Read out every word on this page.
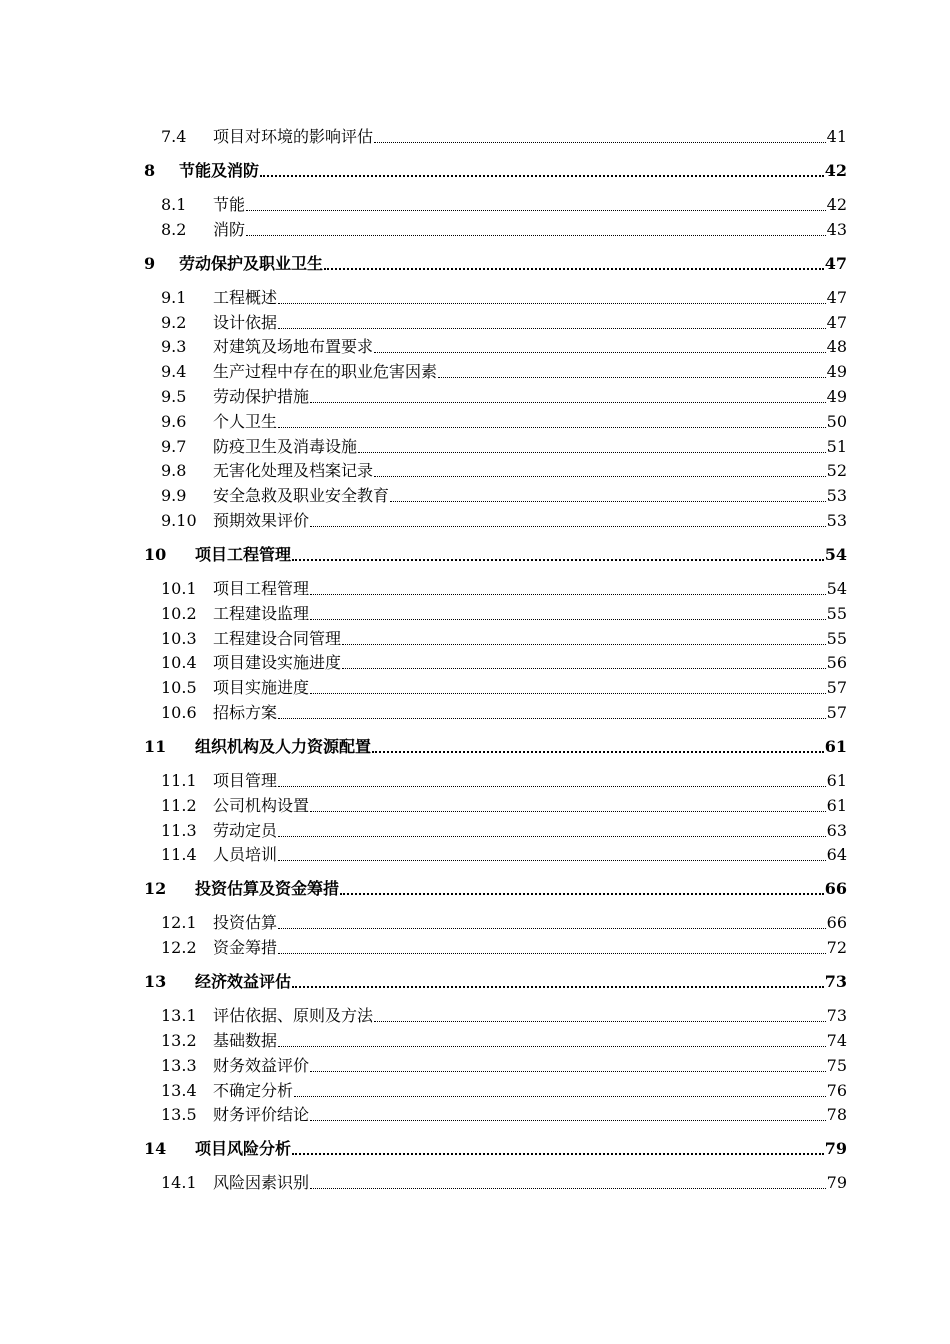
7.4	项目对环境的影响评估	41
8	节能及消防	42
8.1	节能	42
8.2	消防	43
9	劳动保护及职业卫生	47
9.1	工程概述	47
9.2	设计依据	47
9.3	对建筑及场地布置要求	48
9.4	生产过程中存在的职业危害因素	49
9.5	劳动保护措施	49
9.6	个人卫生	50
9.7	防疫卫生及消毒设施	51
9.8	无害化处理及档案记录	52
9.9	安全急救及职业安全教育	53
9.10	预期效果评价	53
10	项目工程管理	54
10.1	项目工程管理	54
10.2	工程建设监理	55
10.3	工程建设合同管理	55
10.4	项目建设实施进度	56
10.5	项目实施进度	57
10.6	招标方案	57
11	组织机构及人力资源配置	61
11.1	项目管理	61
11.2	公司机构设置	61
11.3	劳动定员	63
11.4	人员培训	64
12	投资估算及资金筹措	66
12.1	投资估算	66
12.2	资金筹措	72
13	经济效益评估	73
13.1	评估依据、原则及方法	73
13.2	基础数据	74
13.3	财务效益评价	75
13.4	不确定分析	76
13.5	财务评价结论	78
14	项目风险分析	79
14.1	风险因素识别	79
